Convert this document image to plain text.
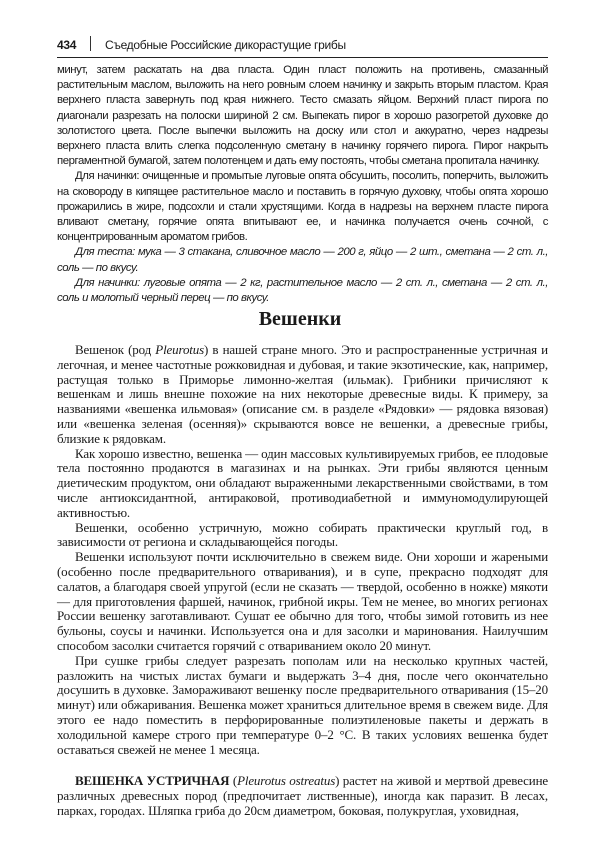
434 Съедобные Российские дикорастущие грибы

минут, затем раскатать на два пласта. Один пласт положить на противень, смазанный растительным маслом, выложить на него ровным слоем начинку и закрыть вторым пластом. Края верхнего пласта завернуть под края нижнего. Тесто смазать яйцом. Верхний пласт пирога по диагонали разрезать на полоски шириной 2 см. Выпекать пирог в хорошо разогретой духовке до золотистого цвета. После выпечки выложить на доску или стол и аккуратно, через надрезы верхнего пласта влить слегка подсоленную сметану в начинку горячего пирога. Пирог накрыть пергаментной бумагой, затем полотенцем и дать ему постоять, чтобы сметана пропитала начинку.

Для начинки: очищенные и промытые луговые опята обсушить, посолить, поперчить, выложить на сковороду в кипящее растительное масло и поставить в горячую духовку, чтобы опята хорошо прожарились в жире, подсохли и стали хрустящими. Когда в надрезы на верхнем пласте пирога вливают сметану, горячие опята впитывают ее, и начинка получается очень сочной, с концентрированным ароматом грибов.

Для теста: мука — 3 стакана, сливочное масло — 200 г, яйцо — 2 шт., сметана — 2 ст. л., соль — по вкусу.

Для начинки: луговые опята — 2 кг, растительное масло — 2 ст. л., сметана — 2 ст. л., соль и молотый черный перец — по вкусу.

Вешенки

Вешенок (род Pleurotus) в нашей стране много. Это и распространенные устричная и легочная, и менее частотные рожковидная и дубовая, и такие экзотические, как, например, растущая только в Приморье лимонно-желтая (ильмак). Грибники причисляют к вешенкам и лишь внешне похожие на них некоторые древесные виды. К примеру, за названиями «вешенка ильмовая» (описание см. в разделе «Рядовки» — рядовка вязовая) или «вешенка зеленая (осенняя)» скрываются вовсе не вешенки, а древесные грибы, близкие к рядовкам.

Как хорошо известно, вешенка — один массовых культивируемых грибов, ее плодовые тела постоянно продаются в магазинах и на рынках. Эти грибы являются ценным диетическим продуктом, они обладают выраженными лекарственными свойствами, в том числе антиоксидантной, антираковой, противодиабетной и иммуномодулирующей активностью.

Вешенки, особенно устричную, можно собирать практически круглый год, в зависимости от региона и складывающейся погоды.

Вешенки используют почти исключительно в свежем виде. Они хороши и жареными (особенно после предварительного отваривания), и в супе, прекрасно подходят для салатов, а благодаря своей упругой (если не сказать — твердой, особенно в ножке) мякоти — для приготовления фаршей, начинок, грибной икры. Тем не менее, во многих регионах России вешенку заготавливают. Сушат ее обычно для того, чтобы зимой готовить из нее бульоны, соусы и начинки. Используется она и для засолки и маринования. Наилучшим способом засолки считается горячий с отвариванием около 20 минут.

При сушке грибы следует разрезать пополам или на несколько крупных частей, разложить на чистых листах бумаги и выдержать 3–4 дня, после чего окончательно досушить в духовке. Замораживают вешенку после предварительного отваривания (15–20 минут) или обжаривания. Вешенка может храниться длительное время в свежем виде. Для этого ее надо поместить в перфорированные полиэтиленовые пакеты и держать в холодильной камере строго при температуре 0–2 °С. В таких условиях вешенка будет оставаться свежей не менее 1 месяца.

ВЕШЕНКА УСТРИЧНАЯ (Pleurotus ostreatus) растет на живой и мертвой древесине различных древесных пород (предпочитает лиственные), иногда как паразит. В лесах, парках, городах. Шляпка гриба до 20см диаметром, боковая, полукруглая, уховидная,
